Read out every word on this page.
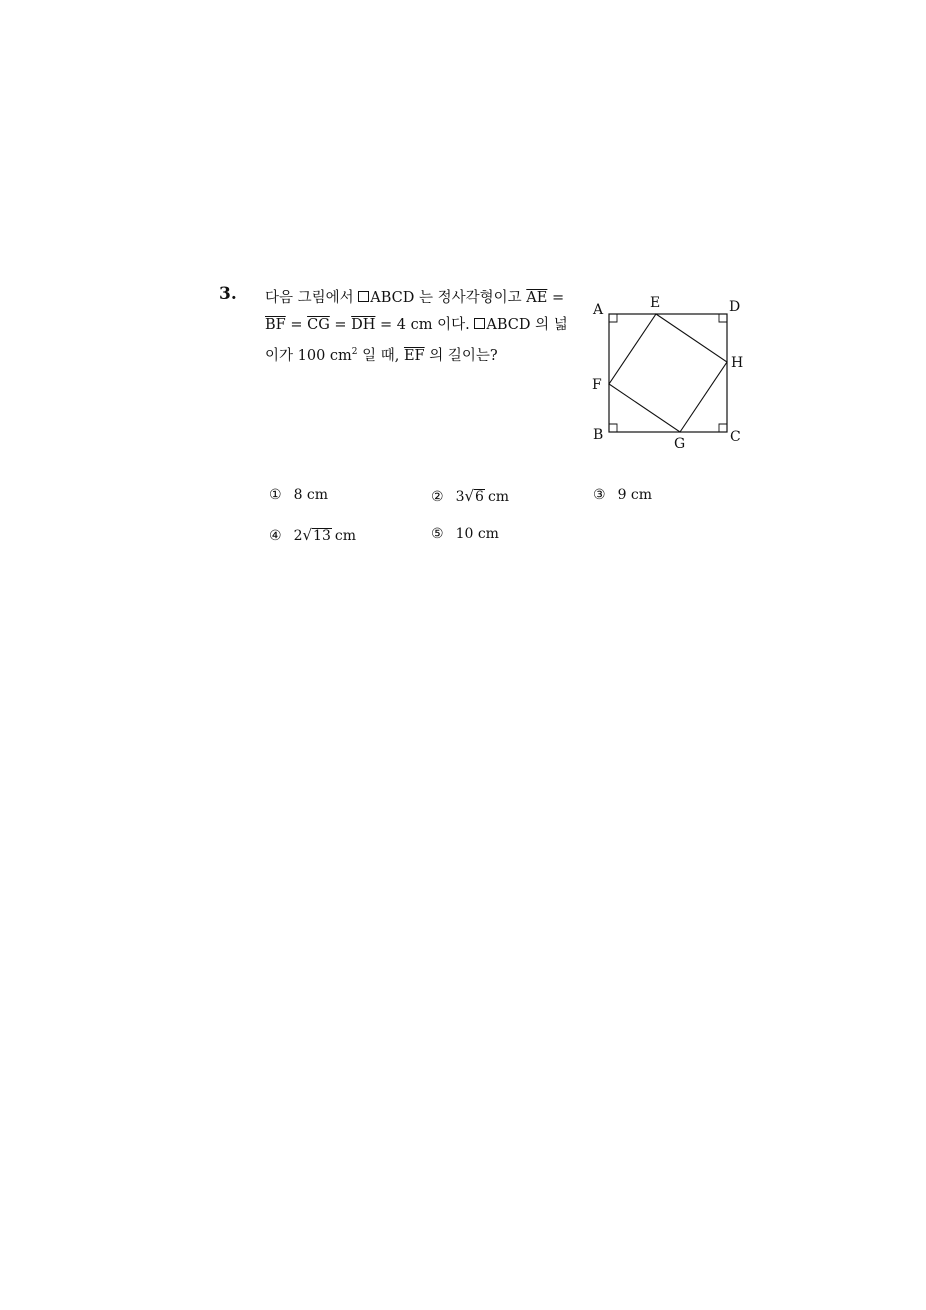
3. 다음 그림에서 ABCD 는 정사각형이고 $\overline{AE}$ =
$\overline{BF} = \overline{CG} = \overline{DH} = 4$ cm 이다. ABCD 의 넓
이가 100 $cm^2$ 일 때, $\overline{EF}$ 의 길이는?
A	E	D
H
F
B
G	C
① 8 cm	② 3√6 cm	③ 9 cm
④ 2√13 cm	⑤ 10 cm
